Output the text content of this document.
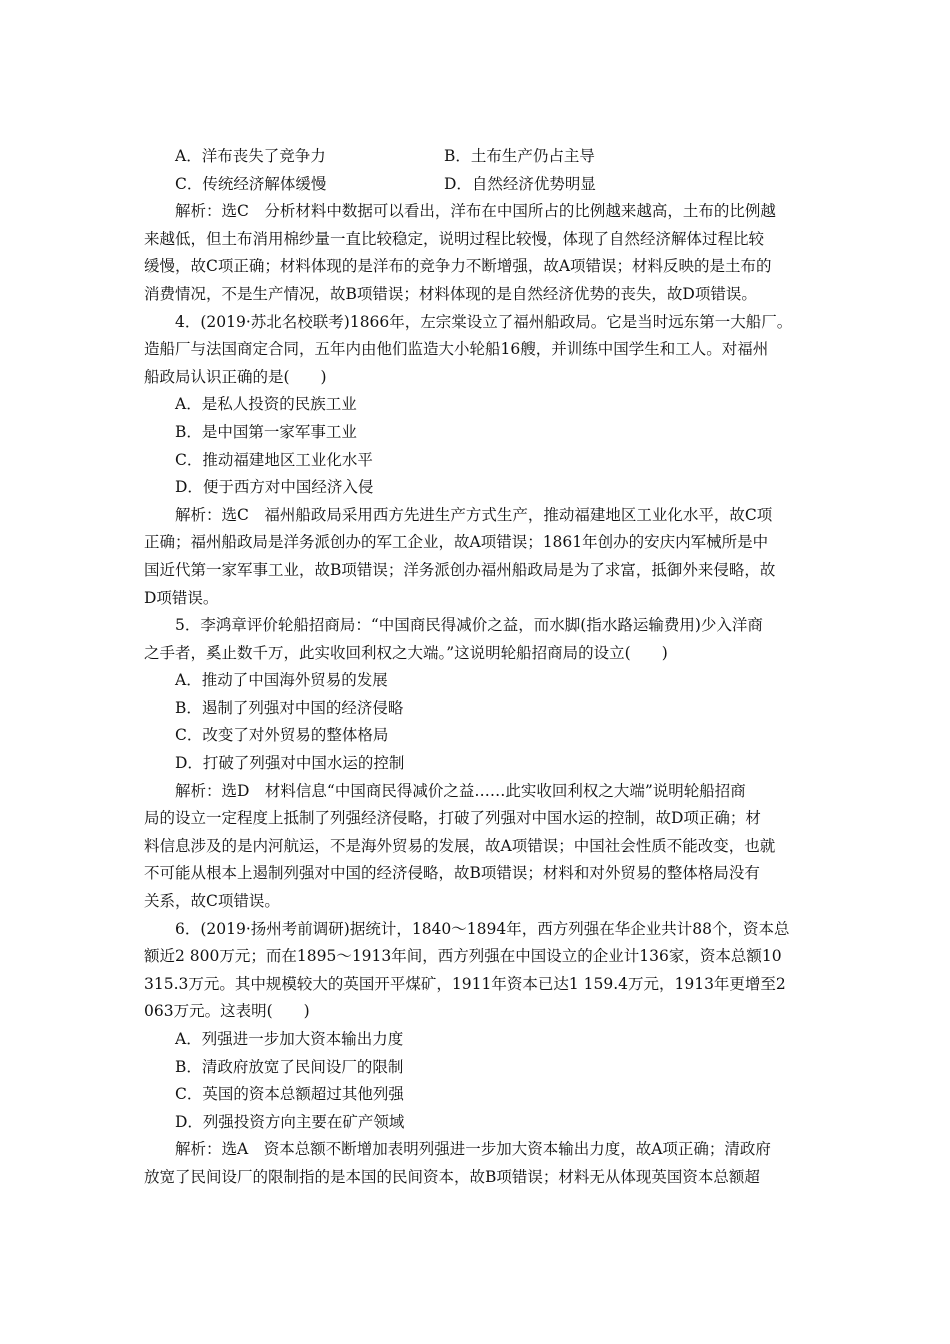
A．洋布丧失了竞争力	B．土布生产仍占主导
C．传统经济解体缓慢	D．自然经济优势明显
解析：选C　分析材料中数据可以看出，洋布在中国所占的比例越来越高，土布的比例越
来越低，但土布消用棉纱量一直比较稳定，说明过程比较慢，体现了自然经济解体过程比较
缓慢，故C项正确；材料体现的是洋布的竞争力不断增强，故A项错误；材料反映的是土布的
消费情况，不是生产情况，故B项错误；材料体现的是自然经济优势的丧失，故D项错误。
4．(2019·苏北名校联考)1866年，左宗棠设立了福州船政局。它是当时远东第一大船厂。
造船厂与法国商定合同，五年内由他们监造大小轮船16艘，并训练中国学生和工人。对福州
船政局认识正确的是(　　)
A．是私人投资的民族工业
B．是中国第一家军事工业
C．推动福建地区工业化水平
D．便于西方对中国经济入侵
解析：选C　福州船政局采用西方先进生产方式生产，推动福建地区工业化水平，故C项
正确；福州船政局是洋务派创办的军工企业，故A项错误；1861年创办的安庆内军械所是中
国近代第一家军事工业，故B项错误；洋务派创办福州船政局是为了求富，抵御外来侵略，故
D项错误。
5．李鸿章评价轮船招商局：“中国商民得减价之益，而水脚(指水路运输费用)少入洋商
之手者，奚止数千万，此实收回利权之大端。”这说明轮船招商局的设立(　　)
A．推动了中国海外贸易的发展
B．遏制了列强对中国的经济侵略
C．改变了对外贸易的整体格局
D．打破了列强对中国水运的控制
解析：选D　材料信息“中国商民得减价之益……此实收回利权之大端”说明轮船招商
局的设立一定程度上抵制了列强经济侵略，打破了列强对中国水运的控制，故D项正确；材
料信息涉及的是内河航运，不是海外贸易的发展，故A项错误；中国社会性质不能改变，也就
不可能从根本上遏制列强对中国的经济侵略，故B项错误；材料和对外贸易的整体格局没有
关系，故C项错误。
6．(2019·扬州考前调研)据统计，1840～1894年，西方列强在华企业共计88个，资本总
额近2 800万元；而在1895～1913年间，西方列强在中国设立的企业计136家，资本总额10
315.3万元。其中规模较大的英国开平煤矿，1911年资本已达1 159.4万元，1913年更增至2
063万元。这表明(　　)
A．列强进一步加大资本输出力度
B．清政府放宽了民间设厂的限制
C．英国的资本总额超过其他列强
D．列强投资方向主要在矿产领域
解析：选A　资本总额不断增加表明列强进一步加大资本输出力度，故A项正确；清政府
放宽了民间设厂的限制指的是本国的民间资本，故B项错误；材料无从体现英国资本总额超
